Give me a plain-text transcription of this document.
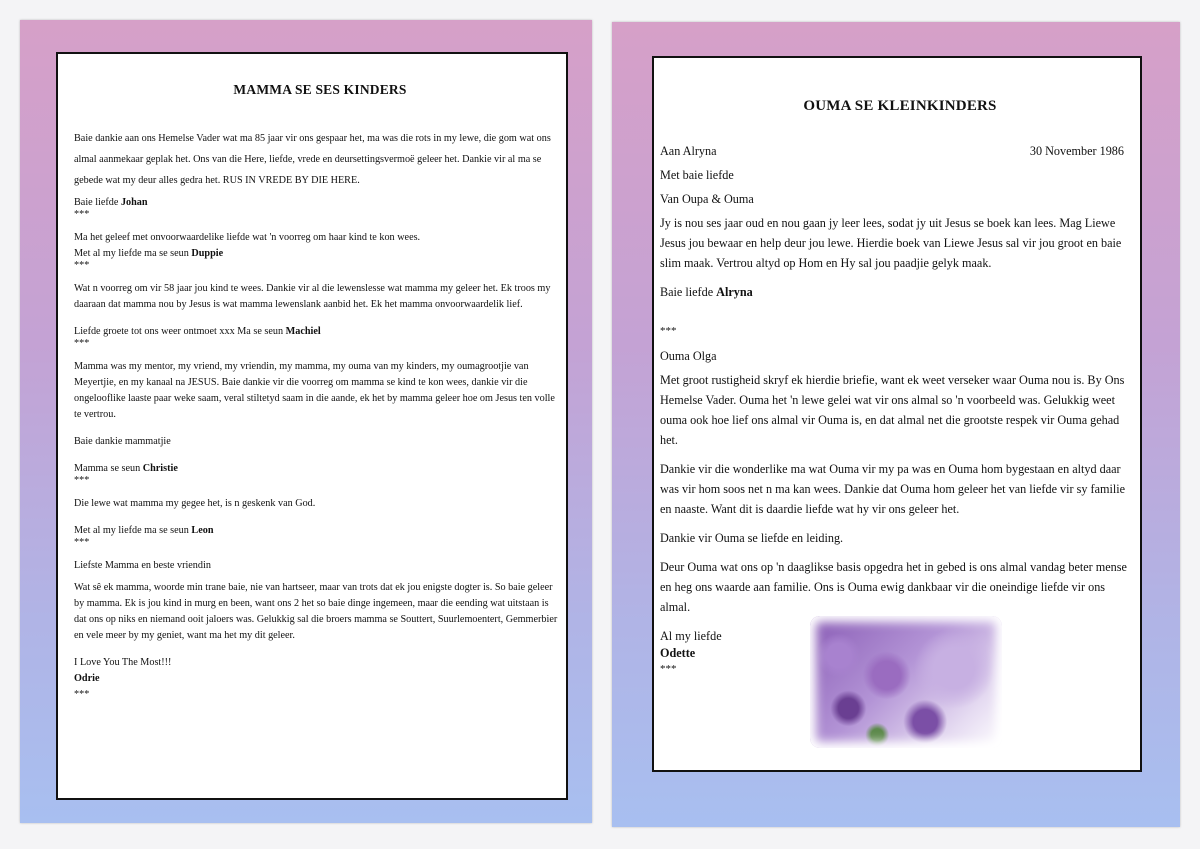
MAMMA SE SES KINDERS

Baie dankie aan ons Hemelse Vader wat ma 85 jaar vir ons gespaar het, ma was die rots in my lewe, die gom wat ons almal aanmekaar geplak het. Ons van die Here, liefde, vrede en deursettingsvermoë geleer het. Dankie vir al ma se gebede wat my deur alles gedra het. RUS IN VREDE BY DIE HERE.

Baie liefde Johan

***

Ma het geleef met onvoorwaardelike liefde wat 'n voorreg om haar kind te kon wees.

Met al my liefde ma se seun Duppie

***

Wat n voorreg om vir 58 jaar jou kind te wees. Dankie vir al die lewenslesse wat mamma my geleer het. Ek troos my daaraan dat mamma nou by Jesus is wat mamma lewenslank aanbid het. Ek het mamma onvoorwaardelik lief.

Liefde groete tot ons weer ontmoet xxx Ma se seun Machiel

***

Mamma was my mentor, my vriend, my vriendin, my mamma, my ouma van my kinders, my oumagrootjie van Meyertjie, en my kanaal na JESUS. Baie dankie vir die voorreg om mamma se kind te kon wees, dankie vir die ongelooflike laaste paar weke saam, veral stiltetyd saam in die aande, ek het by mamma geleer hoe om Jesus ten volle te vertrou.

Baie dankie mammatjie

Mamma se seun Christie

***

Die lewe wat mamma my gegee het, is n geskenk van God.

Met al my liefde ma se seun Leon

***

Liefste Mamma en beste vriendin

Wat sê ek mamma, woorde min trane baie, nie van hartseer, maar van trots dat ek jou enigste dogter is. So baie geleer by mamma. Ek is jou kind in murg en been, want ons 2 het so baie dinge ingemeen, maar die eending wat uitstaan is dat ons op niks en niemand ooit jaloers was. Gelukkig sal die broers mamma se Souttert, Suurlemoentert, Gemmerbier en vele meer by my geniet, want ma het my dit geleer.

I Love You The Most!!!

Odrie

***

OUMA SE KLEINKINDERS

Aan Alryna	30 November 1986

Met baie liefde

Van Oupa & Ouma

Jy is nou ses jaar oud en nou gaan jy leer lees, sodat jy uit Jesus se boek kan lees. Mag Liewe Jesus jou bewaar en help deur jou lewe. Hierdie boek van Liewe Jesus sal vir jou groot en baie slim maak. Vertrou altyd op Hom en Hy sal jou paadjie gelyk maak.

Baie liefde Alryna

***

Ouma Olga

Met groot rustigheid skryf ek hierdie briefie, want ek weet verseker waar Ouma nou is. By Ons Hemelse Vader. Ouma het 'n lewe gelei wat vir ons almal so 'n voorbeeld was. Gelukkig weet ouma ook hoe lief ons almal vir Ouma is, en dat almal net die grootste respek vir Ouma gehad het.

Dankie vir die wonderlike ma wat Ouma vir my pa was en Ouma hom bygestaan en altyd daar was vir hom soos net n ma kan wees. Dankie dat Ouma hom geleer het van liefde vir sy familie en naaste. Want dit is daardie liefde wat hy vir ons geleer het.

Dankie vir Ouma se liefde en leiding.

Deur Ouma wat ons op 'n daaglikse basis opgedra het in gebed is ons almal vandag beter mense en heg ons waarde aan familie. Ons is Ouma ewig dankbaar vir die oneindige liefde vir ons almal.

Al my liefde

Odette

***
